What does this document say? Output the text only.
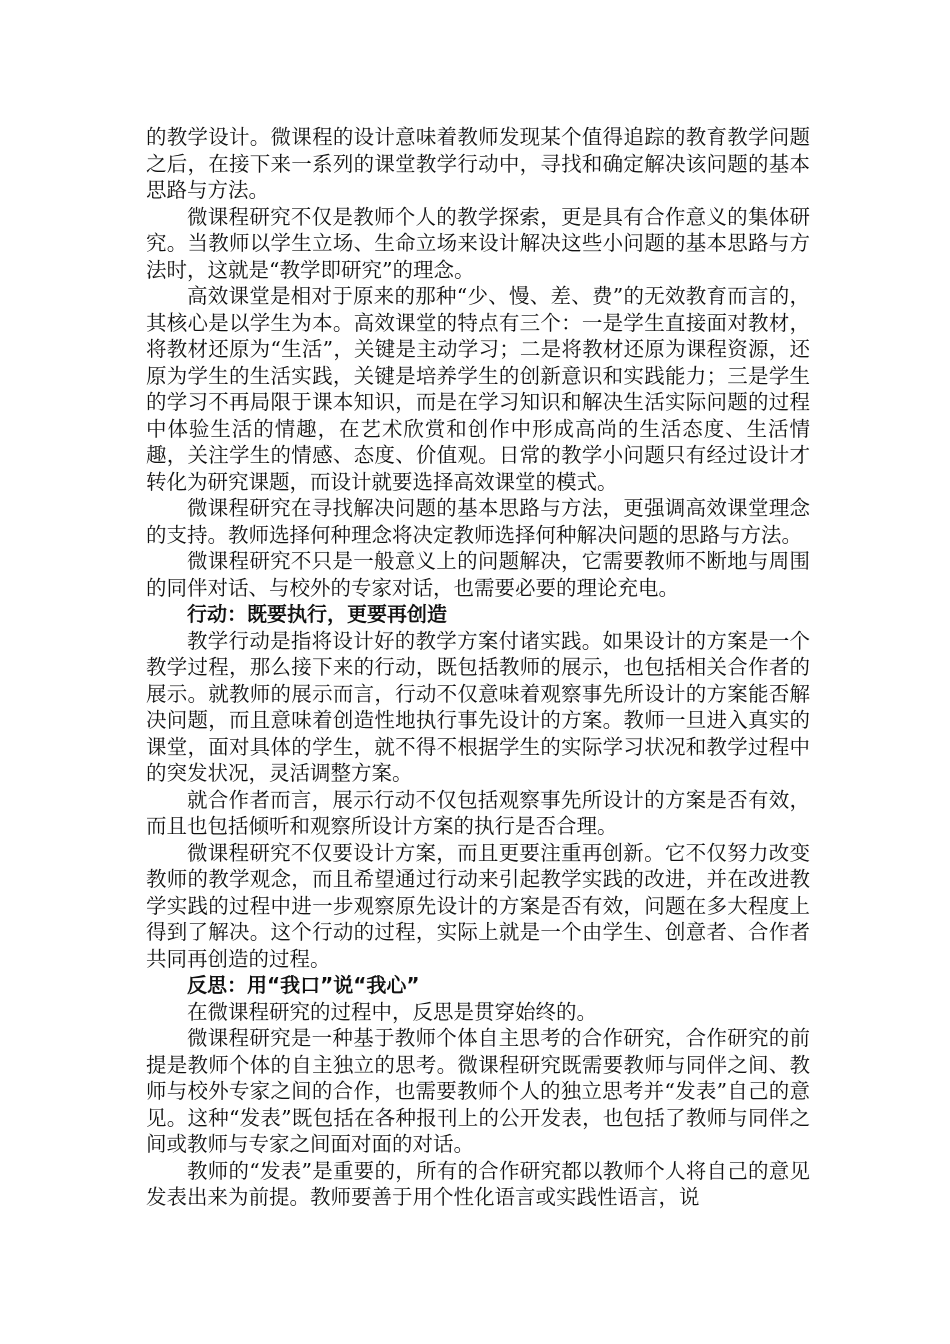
的教学设计。微课程的设计意味着教师发现某个值得追踪的教育教学问题之后，在接下来一系列的课堂教学行动中，寻找和确定解决该问题的基本思路与方法。

微课程研究不仅是教师个人的教学探索，更是具有合作意义的集体研究。当教师以学生立场、生命立场来设计解决这些小问题的基本思路与方法时，这就是“教学即研究”的理念。

高效课堂是相对于原来的那种“少、慢、差、费”的无效教育而言的，其核心是以学生为本。高效课堂的特点有三个：一是学生直接面对教材，将教材还原为“生活”，关键是主动学习；二是将教材还原为课程资源，还原为学生的生活实践，关键是培养学生的创新意识和实践能力；三是学生的学习不再局限于课本知识，而是在学习知识和解决生活实际问题的过程中体验生活的情趣，在艺术欣赏和创作中形成高尚的生活态度、生活情趣，关注学生的情感、态度、价值观。日常的教学小问题只有经过设计才转化为研究课题，而设计就要选择高效课堂的模式。

微课程研究在寻找解决问题的基本思路与方法，更强调高效课堂理念的支持。教师选择何种理念将决定教师选择何种解决问题的思路与方法。

微课程研究不只是一般意义上的问题解决，它需要教师不断地与周围的同伴对话、与校外的专家对话，也需要必要的理论充电。

行动：既要执行，更要再创造

教学行动是指将设计好的教学方案付诸实践。如果设计的方案是一个教学过程，那么接下来的行动，既包括教师的展示，也包括相关合作者的展示。就教师的展示而言，行动不仅意味着观察事先所设计的方案能否解决问题，而且意味着创造性地执行事先设计的方案。教师一旦进入真实的课堂，面对具体的学生，就不得不根据学生的实际学习状况和教学过程中的突发状况，灵活调整方案。

就合作者而言，展示行动不仅包括观察事先所设计的方案是否有效，而且也包括倾听和观察所设计方案的执行是否合理。

微课程研究不仅要设计方案，而且更要注重再创新。它不仅努力改变教师的教学观念，而且希望通过行动来引起教学实践的改进，并在改进教学实践的过程中进一步观察原先设计的方案是否有效，问题在多大程度上得到了解决。这个行动的过程，实际上就是一个由学生、创意者、合作者共同再创造的过程。

反思：用“我口”说“我心”

在微课程研究的过程中，反思是贯穿始终的。

微课程研究是一种基于教师个体自主思考的合作研究，合作研究的前提是教师个体的自主独立的思考。微课程研究既需要教师与同伴之间、教师与校外专家之间的合作，也需要教师个人的独立思考并“发表”自己的意见。这种“发表”既包括在各种报刊上的公开发表，也包括了教师与同伴之间或教师与专家之间面对面的对话。

教师的“发表”是重要的，所有的合作研究都以教师个人将自己的意见发表出来为前提。教师要善于用个性化语言或实践性语言，说
